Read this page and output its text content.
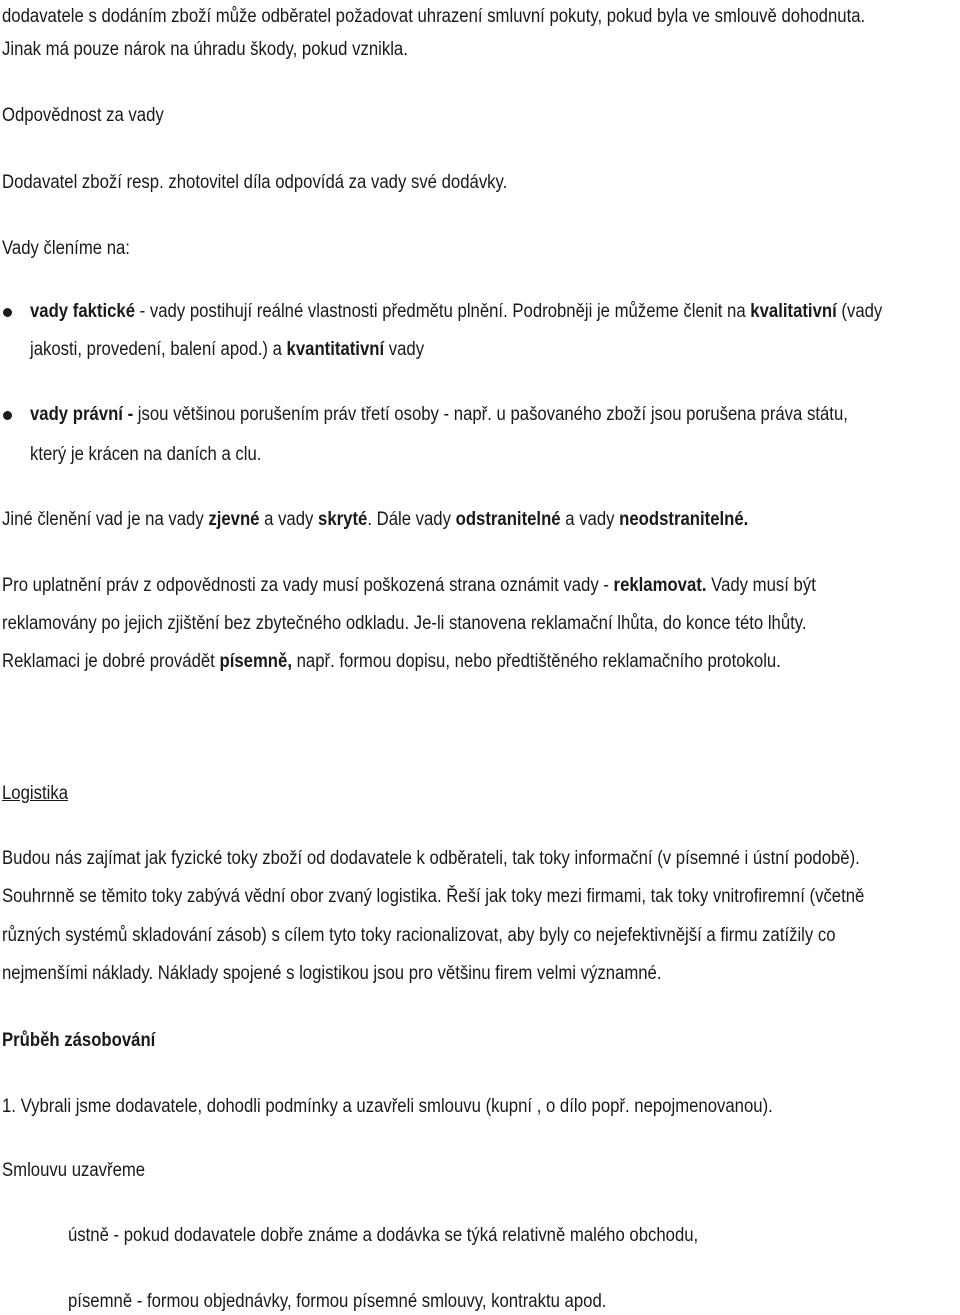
dodavatele s dodáním zboží může odběratel požadovat uhrazení smluvní pokuty, pokud byla ve smlouvě dohodnuta.

Jinak má pouze nárok na úhradu škody, pokud vznikla.

Odpovědnost za vady

Dodavatel zboží resp. zhotovitel díla odpovídá za vady své dodávky.

Vady členíme na:

vady faktické - vady postihují reálné vlastnosti předmětu plnění. Podrobněji je můžeme členit na kvalitativní (vady

jakosti, provedení, balení apod.) a kvantitativní vady

vady právní - jsou většinou porušením práv třetí osoby - např. u pašovaného zboží jsou porušena práva státu,

který je krácen na daních a clu.

Jiné členění vad je na vady zjevné a vady skryté. Dále vady odstranitelné a vady neodstranitelné.

Pro uplatnění práv z odpovědnosti za vady musí poškozená strana oznámit vady - reklamovat. Vady musí být

reklamovány po jejich zjištění bez zbytečného odkladu. Je-li stanovena reklamační lhůta, do konce této lhůty.

Reklamaci je dobré provádět písemně, např. formou dopisu, nebo předtištěného reklamačního protokolu.

Logistika

Budou nás zajímat jak fyzické toky zboží od dodavatele k odběrateli, tak toky informační (v písemné i ústní podobě).

Souhrnně se těmito toky zabývá vědní obor zvaný logistika. Řeší jak toky mezi firmami, tak toky vnitrofiremní (včetně

různých systémů skladování zásob) s cílem tyto toky racionalizovat, aby byly co nejefektivnější a firmu zatížily co

nejmenšími náklady. Náklady spojené s logistikou jsou pro většinu firem velmi významné.

Průběh zásobování

1. Vybrali jsme dodavatele, dohodli podmínky a uzavřeli smlouvu (kupní , o dílo popř. nepojmenovanou).

Smlouvu uzavřeme

ústně - pokud dodavatele dobře známe a dodávka se týká relativně malého obchodu,

písemně - formou objednávky, formou písemné smlouvy, kontraktu apod.
